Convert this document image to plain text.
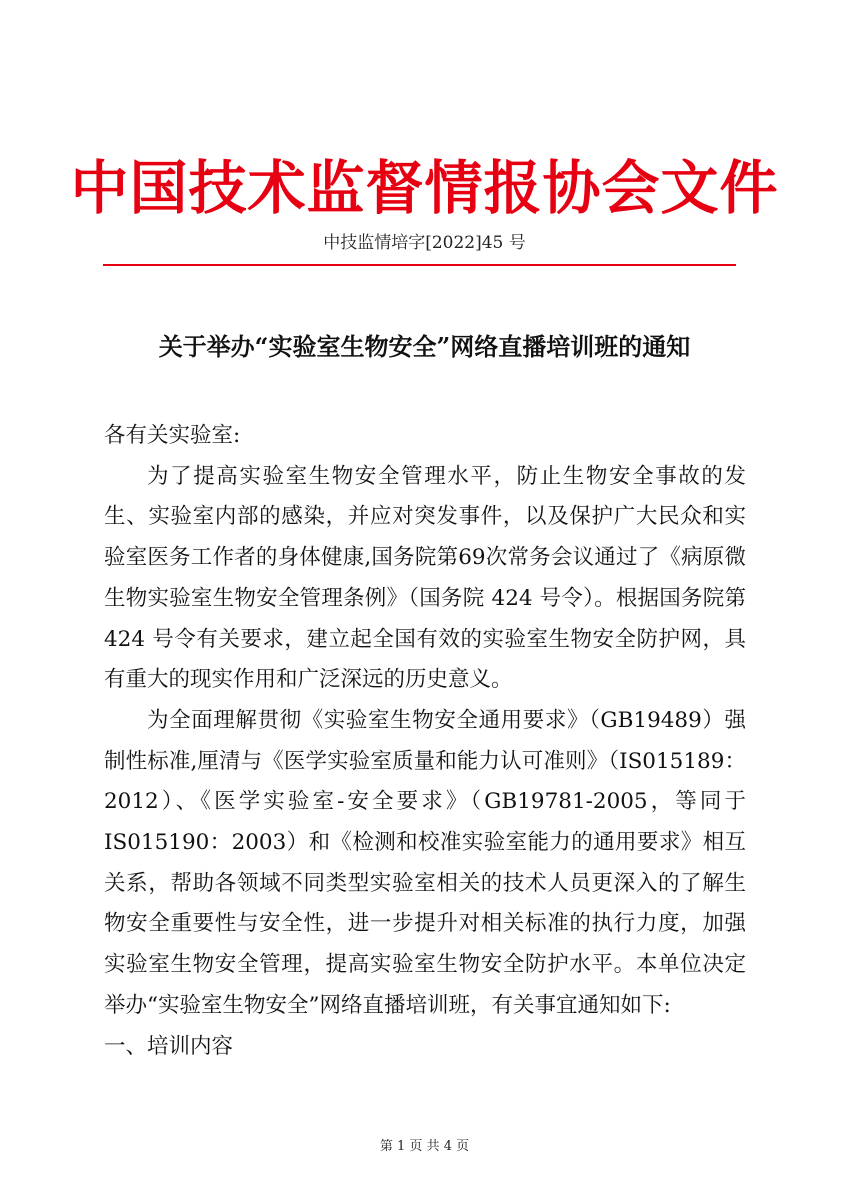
中国技术监督情报协会文件
中技监情培字[2022]45 号
关于举办“实验室生物安全”网络直播培训班的通知

各有关实验室:

为了提高实验室生物安全管理水平，防止生物安全事故的发生、实验室内部的感染，并应对突发事件，以及保护广大民众和实验室医务工作者的身体健康,国务院第69次常务会议通过了《病原微生物实验室生物安全管理条例》（国务院 424 号令）。根据国务院第 424 号令有关要求，建立起全国有效的实验室生物安全防护网，具有重大的现实作用和广泛深远的历史意义。

为全面理解贯彻《实验室生物安全通用要求》（GB19489）强制性标准,厘清与《医学实验室质量和能力认可准则》（IS015189：2012）、《医学实验室-安全要求》（GB19781-2005，等同于IS015190：2003）和《检测和校准实验室能力的通用要求》相互关系，帮助各领域不同类型实验室相关的技术人员更深入的了解生物安全重要性与安全性，进一步提升对相关标准的执行力度，加强实验室生物安全管理，提高实验室生物安全防护水平。本单位决定举办“实验室生物安全”网络直播培训班，有关事宜通知如下:

一、培训内容

第 1 页 共 4 页
